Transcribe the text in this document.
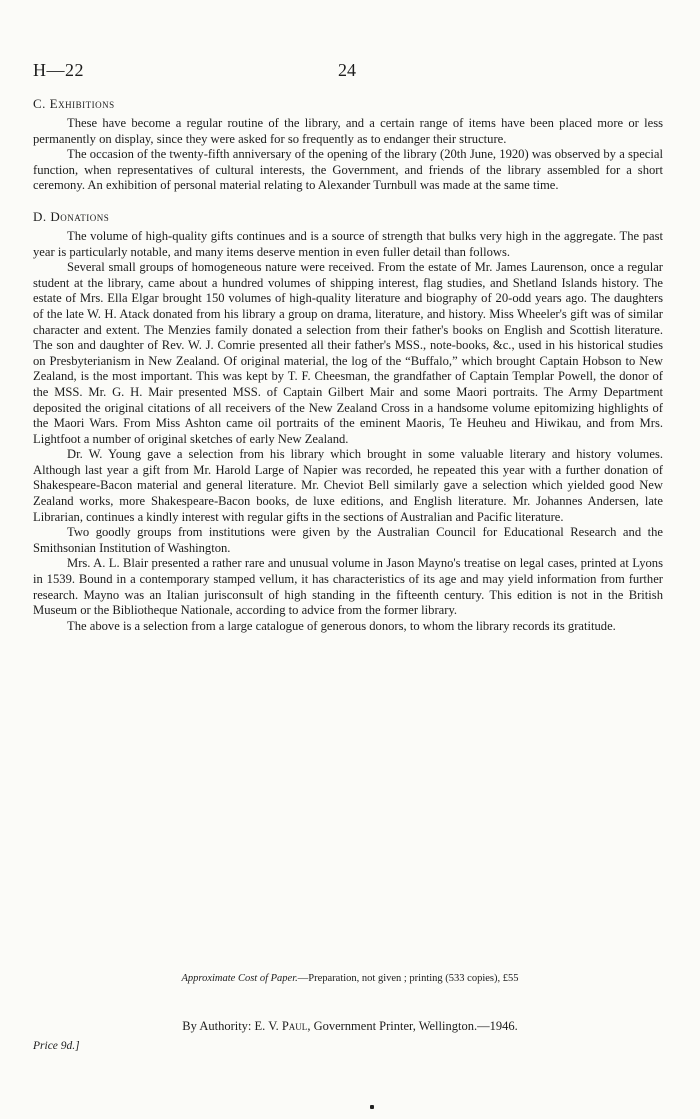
H—22	24

C. Exhibitions

These have become a regular routine of the library, and a certain range of items have been placed more or less permanently on display, since they were asked for so frequently as to endanger their structure.

The occasion of the twenty-fifth anniversary of the opening of the library (20th June, 1920) was observed by a special function, when representatives of cultural interests, the Government, and friends of the library assembled for a short ceremony. An exhibition of personal material relating to Alexander Turnbull was made at the same time.

D. Donations

The volume of high-quality gifts continues and is a source of strength that bulks very high in the aggregate. The past year is particularly notable, and many items deserve mention in even fuller detail than follows.

Several small groups of homogeneous nature were received. From the estate of Mr. James Laurenson, once a regular student at the library, came about a hundred volumes of shipping interest, flag studies, and Shetland Islands history. The estate of Mrs. Ella Elgar brought 150 volumes of high-quality literature and biography of 20-odd years ago. The daughters of the late W. H. Atack donated from his library a group on drama, literature, and history. Miss Wheeler's gift was of similar character and extent. The Menzies family donated a selection from their father's books on English and Scottish literature. The son and daughter of Rev. W. J. Comrie presented all their father's MSS., note-books, &c., used in his historical studies on Presbyterianism in New Zealand. Of original material, the log of the “Buffalo,” which brought Captain Hobson to New Zealand, is the most important. This was kept by T. F. Cheesman, the grandfather of Captain Templar Powell, the donor of the MSS. Mr. G. H. Mair presented MSS. of Captain Gilbert Mair and some Maori portraits. The Army Department deposited the original citations of all receivers of the New Zealand Cross in a handsome volume epitomizing highlights of the Maori Wars. From Miss Ashton came oil portraits of the eminent Maoris, Te Heuheu and Hiwikau, and from Mrs. Lightfoot a number of original sketches of early New Zealand.

Dr. W. Young gave a selection from his library which brought in some valuable literary and history volumes. Although last year a gift from Mr. Harold Large of Napier was recorded, he repeated this year with a further donation of Shakespeare-Bacon material and general literature. Mr. Cheviot Bell similarly gave a selection which yielded good New Zealand works, more Shakespeare-Bacon books, de luxe editions, and English literature. Mr. Johannes Andersen, late Librarian, continues a kindly interest with regular gifts in the sections of Australian and Pacific literature.

Two goodly groups from institutions were given by the Australian Council for Educational Research and the Smithsonian Institution of Washington.

Mrs. A. L. Blair presented a rather rare and unusual volume in Jason Mayno's treatise on legal cases, printed at Lyons in 1539. Bound in a contemporary stamped vellum, it has characteristics of its age and may yield information from further research. Mayno was an Italian jurisconsult of high standing in the fifteenth century. This edition is not in the British Museum or the Bibliotheque Nationale, according to advice from the former library.

The above is a selection from a large catalogue of generous donors, to whom the library records its gratitude.

Approximate Cost of Paper.—Preparation, not given ; printing (533 copies), £55
By Authority: E. V. Paul, Government Printer, Wellington.—1946.
Price 9d.]
